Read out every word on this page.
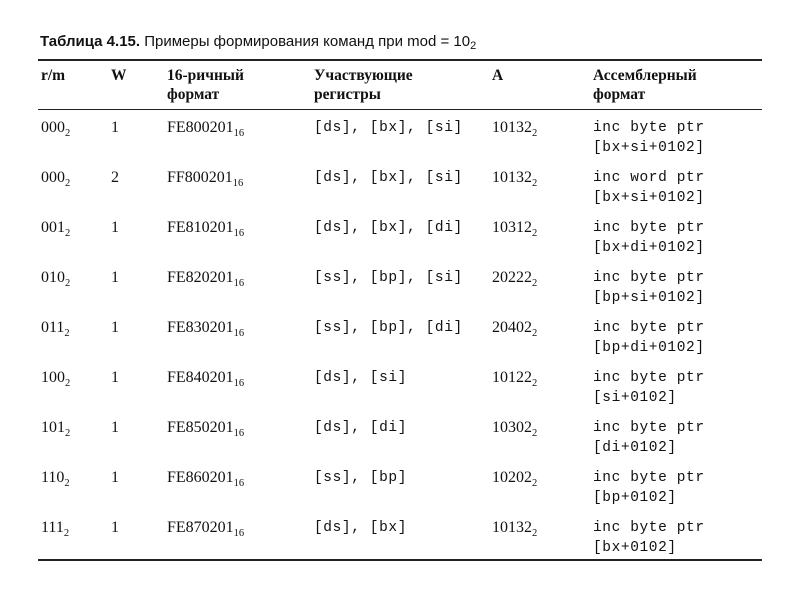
Таблица 4.15. Примеры формирования команд при mod = $10_2$
r/m	W	16-ричный
формат
Участвующие
регистры
A	Ассемблерный
формат
$000_2$	1	$FE800201_{16}$	[ds], [bx], [si] $10132_2$	inc byte ptr
[bx+si+0102]
$000_2$	2	$FF800201_{16}$	[ds], [bx], [si] $10132_2$	inc word ptr
[bx+si+0102]
$001_2$	1	$FE810201_{16}$	[ds], [bx], [di] $10312_2$	inc byte ptr
[bx+di+0102]
$010_2$	1	$FE820201_{16}$	[ss], [bp], [si] $20222_2$	inc byte ptr
[bp+si+0102]
$011_2$	1	$FE830201_{16}$	[ss], [bp], [di] $20402_2$	inc byte ptr
[bp+di+0102]
$100_2$	1	$FE840201_{16}$	[ds], [si]	$10122_2$	inc byte ptr
[si+0102]
$101_2$	1	$FE850201_{16}$	[ds], [di]	$10302_2$	inc byte ptr
[di+0102]
$110_2$	1	$FE860201_{16}$	[ss], [bp]	$10202_2$	inc byte ptr
[bp+0102]
$111_2$	1	$FE870201_{16}$	[ds], [bx]	$10132_2$	inc byte ptr
[bx+0102]
